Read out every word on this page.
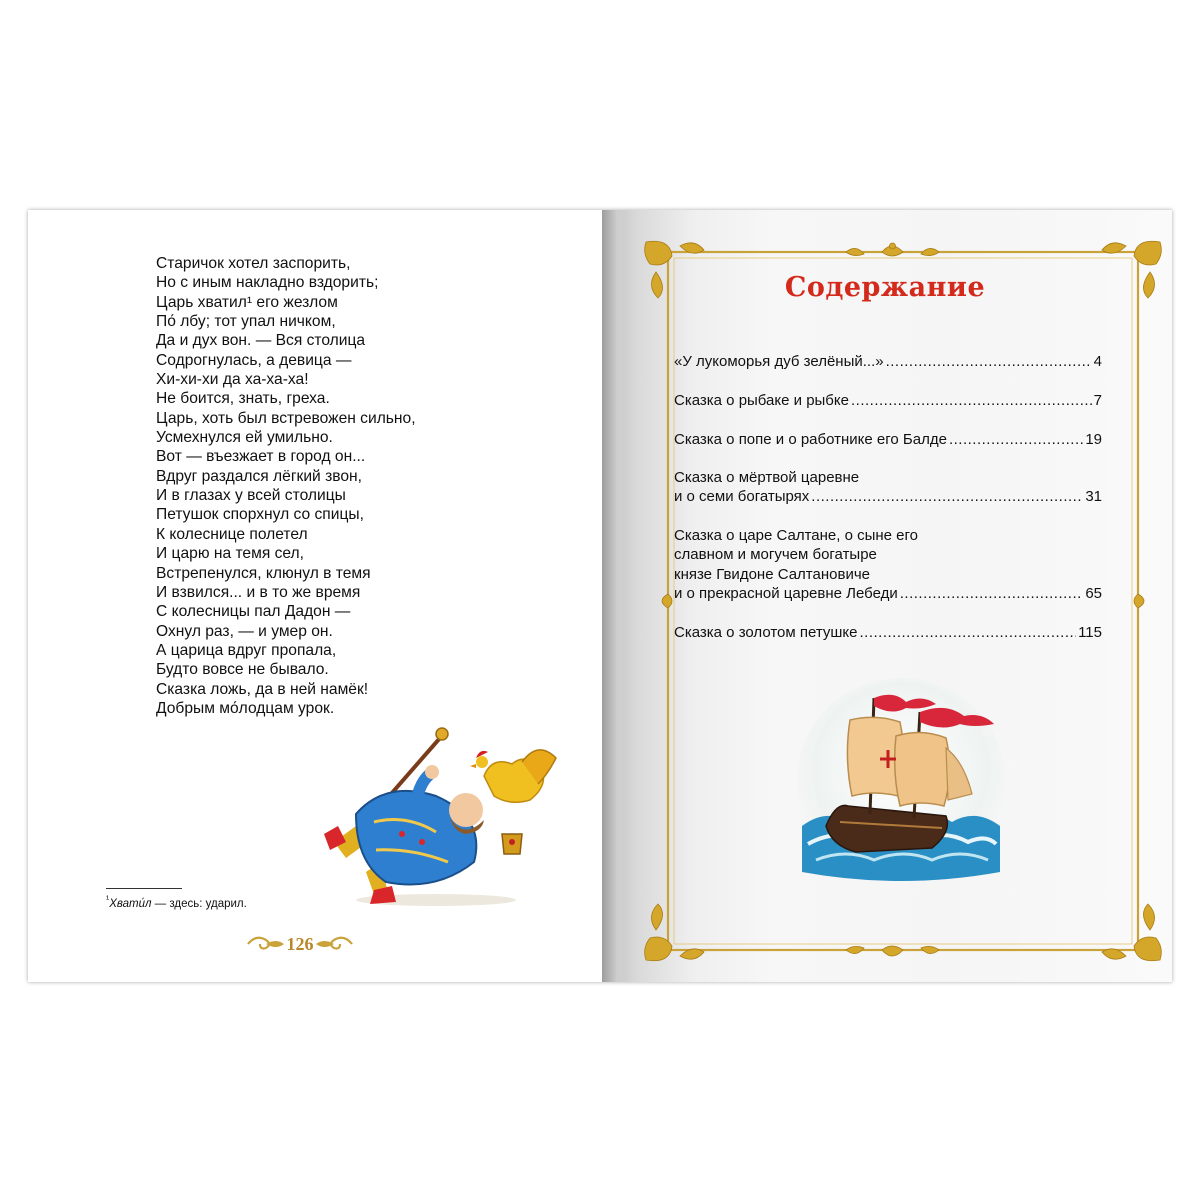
Старичок хотел заспорить,
Но с иным накладно вздорить;
Царь хватил¹ его жезлом
По́ лбу; тот упал ничком,
Да и дух вон. — Вся столица
Содрогнулась, а девица —
Хи-хи-хи да ха-ха-ха!
Не боится, знать, греха.
Царь, хоть был встревожен сильно,
Усмехнулся ей умильно.
Вот — въезжает в город он...
Вдруг раздался лёгкий звон,
И в глазах у всей столицы
Петушок спорхнул со спицы,
К колеснице полетел
И царю на темя сел,
Встрепенулся, клюнул в темя
И взвился... и в то же время
С колесницы пал Дадон —
Охнул раз, — и умер он.
А царица вдруг пропала,
Будто вовсе не бывало.
Сказка ложь, да в ней намёк!
Добрым мо́лодцам урок.
$^{^1}$Хвати́л — здесь: ударил.
126
Содержание
«У лукоморья дуб зелёный...» .....	4
Сказка о рыбаке и рыбке .....	7
Сказка о попе и о работнике его Балде .....	19
Сказка о мёртвой царевне
и о семи богатырях .....	31
Сказка о царе Салтане, о сыне его
славном и могучем богатыре
князе Гвидоне Салтановиче
и о прекрасной царевне Лебеди .....	65
Сказка о золотом петушке .....	115
